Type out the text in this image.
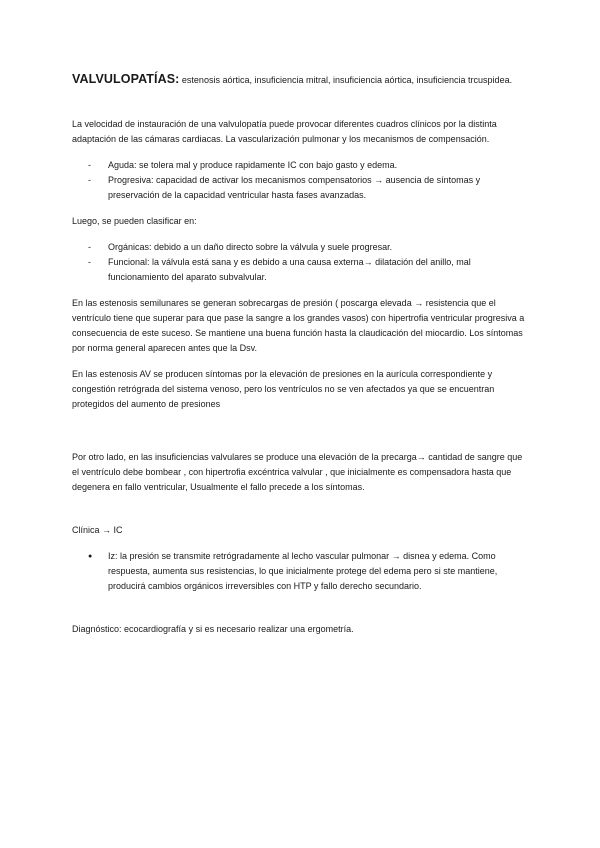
VALVULOPATÍAS: estenosis aórtica, insuficiencia mitral, insuficiencia aórtica, insuficiencia trcuspidea.

La velocidad de instauración de una valvulopatía puede provocar diferentes cuadros clínicos por la distinta adaptación de las cámaras cardiacas. La vascularización pulmonar y los mecanismos de compensación.

- Aguda: se tolera mal y produce rapidamente IC con bajo gasto y edema.
- Progresiva: capacidad de activar los mecanismos compensatorios → ausencia de síntomas y preservación de la capacidad ventricular hasta fases avanzadas.

Luego, se pueden clasificar en:

- Orgánicas: debido a un daño directo sobre la válvula y suele progresar.
- Funcional: la válvula está sana y es debido a una causa externa→ dilatación del anillo, mal funcionamiento del aparato subvalvular.

En las estenosis semilunares se generan sobrecargas de presión ( poscarga elevada → resistencia que el ventrículo tiene que superar para que pase la sangre a los grandes vasos) con hipertrofia ventricular progresiva a consecuencia de este suceso. Se mantiene una buena función hasta la claudicación del miocardio. Los síntomas por norma general aparecen antes que la Dsv.

En las estenosis AV se producen síntomas por la elevación de presiones en la aurícula correspondiente y congestión retrógrada del sistema venoso, pero los ventrículos no se ven afectados ya que se encuentran protegidos del aumento de presiones

Por otro lado, en las insuficiencias valvulares se produce una elevación de la precarga→ cantidad de sangre que el ventrículo debe bombear , con hipertrofia excéntrica valvular , que inicialmente es compensadora hasta que degenera en fallo ventricular, Usualmente el fallo precede a los síntomas.

Clínica → IC

● Iz: la presión se transmite retrógradamente al lecho vascular pulmonar → disnea y edema. Como respuesta, aumenta sus resistencias, lo que inicialmente protege del edema pero si ste mantiene, producirá cambios orgánicos irreversibles con HTP y fallo derecho secundario.

Diagnóstico: ecocardiografía y si es necesario realizar una ergometría.
